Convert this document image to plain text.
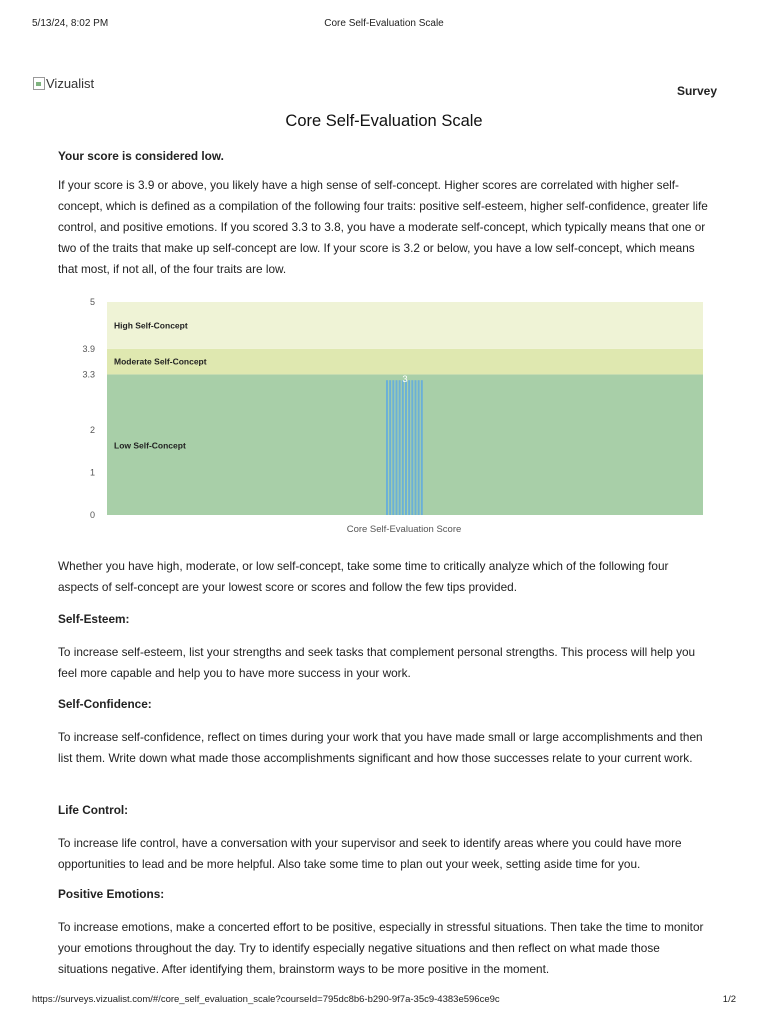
5/13/24, 8:02 PM	Core Self-Evaluation Scale
Vizualist
Survey
Core Self-Evaluation Scale

Your score is considered low.

If your score is 3.9 or above, you likely have a high sense of self-concept. Higher scores are correlated with higher self-concept, which is defined as a compilation of the following four traits: positive self-esteem, higher self-confidence, greater life control, and positive emotions. If you scored 3.3 to 3.8, you have a moderate self-concept, which typically means that one or two of the traits that make up self-concept are low. If your score is 3.2 or below, you have a low self-concept, which means that most, if not all, of the four traits are low.

Low Self-Concept
Moderate Self-Concept
High Self-Concept
0
1
2
3.3
3.9
5
Core Self-Evaluation Score
3

Whether you have high, moderate, or low self-concept, take some time to critically analyze which of the following four aspects of self-concept are your lowest score or scores and follow the few tips provided.

Self-Esteem:

To increase self-esteem, list your strengths and seek tasks that complement personal strengths. This process will help you feel more capable and help you to have more success in your work.

Self-Confidence:

To increase self-confidence, reflect on times during your work that you have made small or large accomplishments and then list them. Write down what made those accomplishments significant and how those successes relate to your current work.

Life Control:

To increase life control, have a conversation with your supervisor and seek to identify areas where you could have more opportunities to lead and be more helpful. Also take some time to plan out your week, setting aside time for you.

Positive Emotions:

To increase emotions, make a concerted effort to be positive, especially in stressful situations. Then take the time to monitor your emotions throughout the day. Try to identify especially negative situations and then reflect on what made those situations negative. After identifying them, brainstorm ways to be more positive in the moment.

https://surveys.vizualist.com/#/core_self_evaluation_scale?courseId=795dc8b6-b290-9f7a-35c9-4383e596ce9c	1/2
